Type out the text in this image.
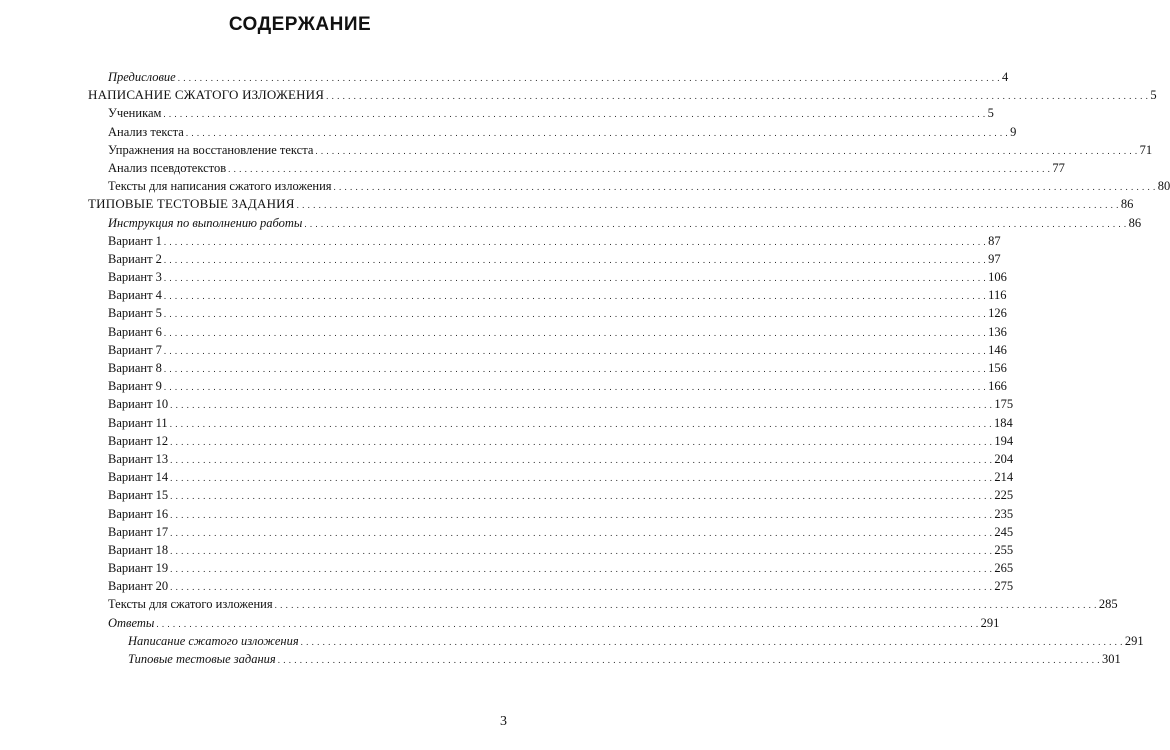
СОДЕРЖАНИЕ
Предисловие . . . . . . . . . . . . . . . . . . . . . . . . . . . . . . . . . . . . . . . . . . . . . . . . . . . . . . . . . . . . . . . . . . . . . . . . . . . . . . . . . . . . . . . . . . . . . . . . . . . . . . . . . . . . . . . . . . . . . . . . . . . . . . . . . . . . . . . . . . . . . . . . . . . . . . 4
НАПИСАНИЕ СЖАТОГО ИЗЛОЖЕНИЯ . . . . . . . . . . . . . . . . . . . . . . . . . . . . . . . . . . . . . . . . . . . . . . . . . . . . . . . . . . . . . . . . . . . . . . . . . . . . . . . . . . . . . . . . . . . . . . . . . . . . . . . . . . . . . . . . . . . . . . . . . . . . . . . . . . . . . . . . . . . . . . . . . . . . . . 5
Ученикам . . . . . . . . . . . . . . . . . . . . . . . . . . . . . . . . . . . . . . . . . . . . . . . . . . . . . . . . . . . . . . . . . . . . . . . . . . . . . . . . . . . . . . . . . . . . . . . . . . . . . . . . . . . . . . . . . . . . . . . . . . . . . . . . . . . . . . . . . . . . . . . . . . . . . . 5
Анализ текста . . . . . . . . . . . . . . . . . . . . . . . . . . . . . . . . . . . . . . . . . . . . . . . . . . . . . . . . . . . . . . . . . . . . . . . . . . . . . . . . . . . . . . . . . . . . . . . . . . . . . . . . . . . . . . . . . . . . . . . . . . . . . . . . . . . . . . . . . . . . . . . . . . . . . . 9
Упражнения на восстановление текста . . . . . . . . . . . . . . . . . . . . . . . . . . . . . . . . . . . . . . . . . . . . . . . . . . . . . . . . . . . . . . . . . . . . . . . . . . . . . . . . . . . . . . . . . . . . . . . . . . . . . . . . . . . . . . . . . . . . . . . . . . . . . . . . . . . . . . . . . . . . . . . . . . . . . . 71
Анализ псевдотекстов . . . . . . . . . . . . . . . . . . . . . . . . . . . . . . . . . . . . . . . . . . . . . . . . . . . . . . . . . . . . . . . . . . . . . . . . . . . . . . . . . . . . . . . . . . . . . . . . . . . . . . . . . . . . . . . . . . . . . . . . . . . . . . . . . . . . . . . . . . . . . . . . . . . . . . 77
Тексты для написания сжатого изложения . . . . . . . . . . . . . . . . . . . . . . . . . . . . . . . . . . . . . . . . . . . . . . . . . . . . . . . . . . . . . . . . . . . . . . . . . . . . . . . . . . . . . . . . . . . . . . . . . . . . . . . . . . . . . . . . . . . . . . . . . . . . . . . . . . . . . . . . . . . . . . . . . . . . . . 80
ТИПОВЫЕ ТЕСТОВЫЕ ЗАДАНИЯ . . . . . . . . . . . . . . . . . . . . . . . . . . . . . . . . . . . . . . . . . . . . . . . . . . . . . . . . . . . . . . . . . . . . . . . . . . . . . . . . . . . . . . . . . . . . . . . . . . . . . . . . . . . . . . . . . . . . . . . . . . . . . . . . . . . . . . . . . . . . . . . . . . . . . . 86
Инструкция по выполнению работы . . . . . . . . . . . . . . . . . . . . . . . . . . . . . . . . . . . . . . . . . . . . . . . . . . . . . . . . . . . . . . . . . . . . . . . . . . . . . . . . . . . . . . . . . . . . . . . . . . . . . . . . . . . . . . . . . . . . . . . . . . . . . . . . . . . . . . . . . . . . . . . . . . . . . . 86
Вариант 1 . . . . . . . . . . . . . . . . . . . . . . . . . . . . . . . . . . . . . . . . . . . . . . . . . . . . . . . . . . . . . . . . . . . . . . . . . . . . . . . . . . . . . . . . . . . . . . . . . . . . . . . . . . . . . . . . . . . . . . . . . . . . . . . . . . . . . . . . . . . . . . . . . . . . . . 87
Вариант 2 . . . . . . . . . . . . . . . . . . . . . . . . . . . . . . . . . . . . . . . . . . . . . . . . . . . . . . . . . . . . . . . . . . . . . . . . . . . . . . . . . . . . . . . . . . . . . . . . . . . . . . . . . . . . . . . . . . . . . . . . . . . . . . . . . . . . . . . . . . . . . . . . . . . . . . 97
Вариант 3 . . . . . . . . . . . . . . . . . . . . . . . . . . . . . . . . . . . . . . . . . . . . . . . . . . . . . . . . . . . . . . . . . . . . . . . . . . . . . . . . . . . . . . . . . . . . . . . . . . . . . . . . . . . . . . . . . . . . . . . . . . . . . . . . . . . . . . . . . . . . . . . . . . . . . . 106
Вариант 4 . . . . . . . . . . . . . . . . . . . . . . . . . . . . . . . . . . . . . . . . . . . . . . . . . . . . . . . . . . . . . . . . . . . . . . . . . . . . . . . . . . . . . . . . . . . . . . . . . . . . . . . . . . . . . . . . . . . . . . . . . . . . . . . . . . . . . . . . . . . . . . . . . . . . . . 116
Вариант 5 . . . . . . . . . . . . . . . . . . . . . . . . . . . . . . . . . . . . . . . . . . . . . . . . . . . . . . . . . . . . . . . . . . . . . . . . . . . . . . . . . . . . . . . . . . . . . . . . . . . . . . . . . . . . . . . . . . . . . . . . . . . . . . . . . . . . . . . . . . . . . . . . . . . . . . 126
Вариант 6 . . . . . . . . . . . . . . . . . . . . . . . . . . . . . . . . . . . . . . . . . . . . . . . . . . . . . . . . . . . . . . . . . . . . . . . . . . . . . . . . . . . . . . . . . . . . . . . . . . . . . . . . . . . . . . . . . . . . . . . . . . . . . . . . . . . . . . . . . . . . . . . . . . . . . . 136
Вариант 7 . . . . . . . . . . . . . . . . . . . . . . . . . . . . . . . . . . . . . . . . . . . . . . . . . . . . . . . . . . . . . . . . . . . . . . . . . . . . . . . . . . . . . . . . . . . . . . . . . . . . . . . . . . . . . . . . . . . . . . . . . . . . . . . . . . . . . . . . . . . . . . . . . . . . . . 146
Вариант 8 . . . . . . . . . . . . . . . . . . . . . . . . . . . . . . . . . . . . . . . . . . . . . . . . . . . . . . . . . . . . . . . . . . . . . . . . . . . . . . . . . . . . . . . . . . . . . . . . . . . . . . . . . . . . . . . . . . . . . . . . . . . . . . . . . . . . . . . . . . . . . . . . . . . . . . 156
Вариант 9 . . . . . . . . . . . . . . . . . . . . . . . . . . . . . . . . . . . . . . . . . . . . . . . . . . . . . . . . . . . . . . . . . . . . . . . . . . . . . . . . . . . . . . . . . . . . . . . . . . . . . . . . . . . . . . . . . . . . . . . . . . . . . . . . . . . . . . . . . . . . . . . . . . . . . . 166
Вариант 10 . . . . . . . . . . . . . . . . . . . . . . . . . . . . . . . . . . . . . . . . . . . . . . . . . . . . . . . . . . . . . . . . . . . . . . . . . . . . . . . . . . . . . . . . . . . . . . . . . . . . . . . . . . . . . . . . . . . . . . . . . . . . . . . . . . . . . . . . . . . . . . . . . . . . . . 175
Вариант 11 . . . . . . . . . . . . . . . . . . . . . . . . . . . . . . . . . . . . . . . . . . . . . . . . . . . . . . . . . . . . . . . . . . . . . . . . . . . . . . . . . . . . . . . . . . . . . . . . . . . . . . . . . . . . . . . . . . . . . . . . . . . . . . . . . . . . . . . . . . . . . . . . . . . . . . 184
Вариант 12 . . . . . . . . . . . . . . . . . . . . . . . . . . . . . . . . . . . . . . . . . . . . . . . . . . . . . . . . . . . . . . . . . . . . . . . . . . . . . . . . . . . . . . . . . . . . . . . . . . . . . . . . . . . . . . . . . . . . . . . . . . . . . . . . . . . . . . . . . . . . . . . . . . . . . . 194
Вариант 13 . . . . . . . . . . . . . . . . . . . . . . . . . . . . . . . . . . . . . . . . . . . . . . . . . . . . . . . . . . . . . . . . . . . . . . . . . . . . . . . . . . . . . . . . . . . . . . . . . . . . . . . . . . . . . . . . . . . . . . . . . . . . . . . . . . . . . . . . . . . . . . . . . . . . . . 204
Вариант 14 . . . . . . . . . . . . . . . . . . . . . . . . . . . . . . . . . . . . . . . . . . . . . . . . . . . . . . . . . . . . . . . . . . . . . . . . . . . . . . . . . . . . . . . . . . . . . . . . . . . . . . . . . . . . . . . . . . . . . . . . . . . . . . . . . . . . . . . . . . . . . . . . . . . . . . 214
Вариант 15 . . . . . . . . . . . . . . . . . . . . . . . . . . . . . . . . . . . . . . . . . . . . . . . . . . . . . . . . . . . . . . . . . . . . . . . . . . . . . . . . . . . . . . . . . . . . . . . . . . . . . . . . . . . . . . . . . . . . . . . . . . . . . . . . . . . . . . . . . . . . . . . . . . . . . . 225
Вариант 16 . . . . . . . . . . . . . . . . . . . . . . . . . . . . . . . . . . . . . . . . . . . . . . . . . . . . . . . . . . . . . . . . . . . . . . . . . . . . . . . . . . . . . . . . . . . . . . . . . . . . . . . . . . . . . . . . . . . . . . . . . . . . . . . . . . . . . . . . . . . . . . . . . . . . . . 235
Вариант 17 . . . . . . . . . . . . . . . . . . . . . . . . . . . . . . . . . . . . . . . . . . . . . . . . . . . . . . . . . . . . . . . . . . . . . . . . . . . . . . . . . . . . . . . . . . . . . . . . . . . . . . . . . . . . . . . . . . . . . . . . . . . . . . . . . . . . . . . . . . . . . . . . . . . . . . 245
Вариант 18 . . . . . . . . . . . . . . . . . . . . . . . . . . . . . . . . . . . . . . . . . . . . . . . . . . . . . . . . . . . . . . . . . . . . . . . . . . . . . . . . . . . . . . . . . . . . . . . . . . . . . . . . . . . . . . . . . . . . . . . . . . . . . . . . . . . . . . . . . . . . . . . . . . . . . . 255
Вариант 19 . . . . . . . . . . . . . . . . . . . . . . . . . . . . . . . . . . . . . . . . . . . . . . . . . . . . . . . . . . . . . . . . . . . . . . . . . . . . . . . . . . . . . . . . . . . . . . . . . . . . . . . . . . . . . . . . . . . . . . . . . . . . . . . . . . . . . . . . . . . . . . . . . . . . . . 265
Вариант 20 . . . . . . . . . . . . . . . . . . . . . . . . . . . . . . . . . . . . . . . . . . . . . . . . . . . . . . . . . . . . . . . . . . . . . . . . . . . . . . . . . . . . . . . . . . . . . . . . . . . . . . . . . . . . . . . . . . . . . . . . . . . . . . . . . . . . . . . . . . . . . . . . . . . . . . 275
Тексты для сжатого изложения . . . . . . . . . . . . . . . . . . . . . . . . . . . . . . . . . . . . . . . . . . . . . . . . . . . . . . . . . . . . . . . . . . . . . . . . . . . . . . . . . . . . . . . . . . . . . . . . . . . . . . . . . . . . . . . . . . . . . . . . . . . . . . . . . . . . . . . . . . . . . . . . . . . . . . 285
Ответы . . . . . . . . . . . . . . . . . . . . . . . . . . . . . . . . . . . . . . . . . . . . . . . . . . . . . . . . . . . . . . . . . . . . . . . . . . . . . . . . . . . . . . . . . . . . . . . . . . . . . . . . . . . . . . . . . . . . . . . . . . . . . . . . . . . . . . . . . . . . . . . . . . . . . . 291
Написание сжатого изложения . . . . . . . . . . . . . . . . . . . . . . . . . . . . . . . . . . . . . . . . . . . . . . . . . . . . . . . . . . . . . . . . . . . . . . . . . . . . . . . . . . . . . . . . . . . . . . . . . . . . . . . . . . . . . . . . . . . . . . . . . . . . . . . . . . . . . . . . . . . . . . . . . . . . . . 291
Типовые тестовые задания . . . . . . . . . . . . . . . . . . . . . . . . . . . . . . . . . . . . . . . . . . . . . . . . . . . . . . . . . . . . . . . . . . . . . . . . . . . . . . . . . . . . . . . . . . . . . . . . . . . . . . . . . . . . . . . . . . . . . . . . . . . . . . . . . . . . . . . . . . . . . . . . . . . . . . 301
3
